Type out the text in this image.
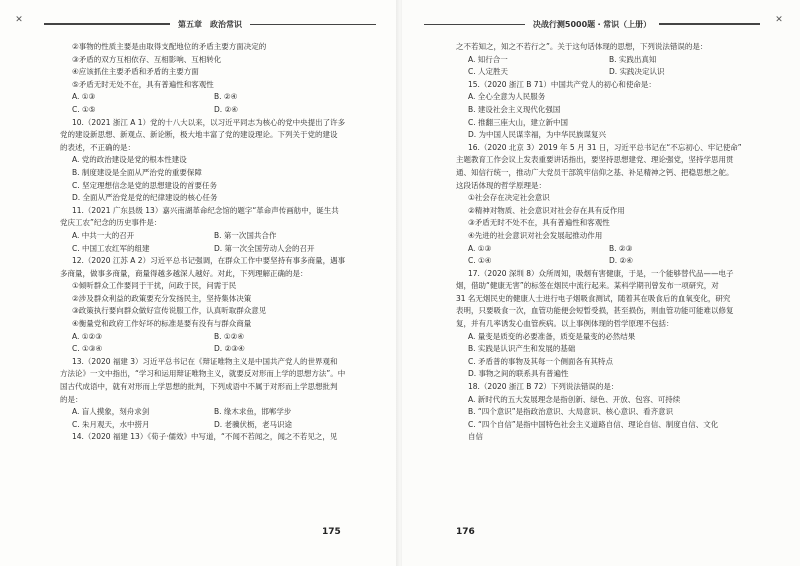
✕	第五章　政治常识
②事物的性质主要是由取得支配地位的矛盾主要方面决定的
③矛盾的双方互相依存、互相影响、互相转化
④应该抓住主要矛盾和矛盾的主要方面
⑤矛盾无时无处不在，具有普遍性和客观性
A. ①③	B. ②④
C. ①⑤	D. ②④
10.（2021 浙江 A 1）党的十八大以来，以习近平同志为核心的党中央提出了许多
党的建设新思想、新观点、新论断，极大地丰富了党的建设理论。下列关于党的建设
的表述，不正确的是：
A. 党的政治建设是党的根本性建设
B. 制度建设是全面从严治党的重要保障
C. 坚定理想信念是党的思想建设的首要任务
D. 全面从严治党是党的纪律建设的核心任务
11.（2021 广东县级 13）嘉兴南湖革命纪念馆的题字“革命声传画舫中，诞生共
党庆工农”纪念的历史事件是：
A. 中共一大的召开	B. 第一次国共合作
C. 中国工农红军的组建	D. 第一次全国劳动人会的召开
12.（2020 江苏 A 2）习近平总书记强调，在群众工作中要坚持有事多商量，遇事
多商量，做事多商量，商量得越多越深人越好。对此，下列理解正确的是：
①倾听群众工作要同于干扰，问政于民，问需于民
②涉及群众利益的政策要充分发扬民主，坚持集体决策
③政策执行要向群众做好宣传说服工作，认真听取群众意见
④衡量党和政府工作好坏的标准是要有没有与群众商量
A. ①②③	B. ①②④
C. ①③④	D. ②③④
13.（2020 福建 3）习近平总书记在《辩证唯物主义是中国共产党人的世界观和
方法论》一文中指出，“学习和运用辩证唯物主义，就要反对形而上学的思想方法”。中
国古代成语中，就有对形而上学思想的批判，下列成语中不属于对形而上学思想批判
的是：
A. 盲人摸象，刻舟求剑	B. 缘木求鱼，邯郸学步
C. 朱月观天，水中捞月	D. 老骥伏枥，老马识途
14.（2020 福建 13）《荀子·儒效》中写道，“不闻不若闻之，闻之不若见之，见
175
✕
决战行测5000题・常识（上册）
之不若知之，知之不若行之”。关于这句话体现的思想，下列说法错误的是：
A. 知行合一	B. 实践出真知
C. 人定胜天	D. 实践决定认识
15.（2020 浙江 B 71）中国共产党人的初心和使命是：
A. 全心全意为人民服务
B. 建设社会主义现代化强国
C. 推翻三座大山，建立新中国
D. 为中国人民谋幸福，为中华民族谋复兴
16.（2020 北京 3）2019 年 5 月 31 日，习近平总书记在“不忘初心、牢记使命”
主题教育工作会议上发表重要讲话指出，要坚持思想建党、理论强党，坚持学思用贯
通、知信行统一，推动广大党员干部筑牢信仰之基、补足精神之钙、把稳思想之舵。
这段话体现的哲学原理是：
①社会存在决定社会意识
②精神对物质、社会意识对社会存在具有反作用
③矛盾无时不处不在，具有普遍性和客观性
④先进的社会意识对社会发展起推动作用
A. ①③	B. ②③
C. ①④	D. ②④
17.（2020 深圳 8）众所周知，吸烟有害健康，于是，一个能够替代品——电子
烟，借助“健康无害”的标签在烟民中流行起来。某科学期刊曾发布一项研究，对
31 名无烟民史的健康人士进行电子烟吸食测试，随着其在吸食后的血氧变化，研究
表明，只要吸食一次，血管功能便会短暂受损，甚至损伤，则血管功能可能难以修复
复，并有几率诱发心血管疾病。以上事例体现的哲学原理不包括：
A. 量变是质变的必要准备，质变是量变的必然结果
B. 实践是认识产生和发展的基础
C. 矛盾普的事物及其每一个侧面各有其特点
D. 事物之间的联系具有普遍性
18.（2020 浙江 B 72）下列说法错误的是：
A. 新时代的五大发展理念是指创新、绿色、开放、包容、可持续
B. “四个意识”是指政治意识、大局意识、核心意识、看齐意识
C. “四个自信”是指中国特色社会主义道路自信、理论自信、制度自信、文化
自信
176
